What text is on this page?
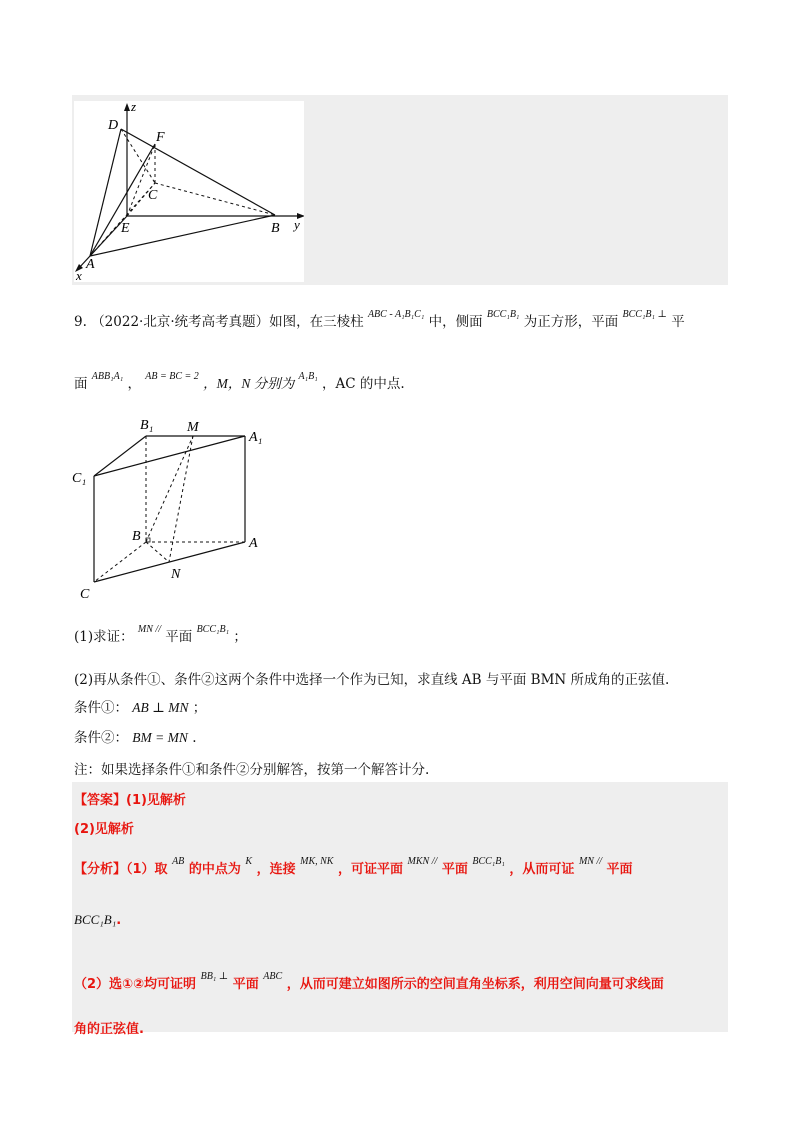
z
D
F
C
E	B y
A
x
9. （2022·北京·统考高考真题）如图，在三棱柱 $^{ABC - A_1B_1C_1}$ 中，侧面 $^{BCC_1B_1}$ 为正方形，平面 $^{BCC_1B_1 \perp}$ 平
面 $^{ABB_1A_1}$ ， $^{AB = BC = 2}$ ，M，N 分别为 $^{A_1B_1}$ ，AC 的中点.
B₁ M
A₁
C₁
B	A
N
C
(1)求证： $^{MN //}$ 平面 $^{BCC_1B_1}$ ；
(2)再从条件①、条件②这两个条件中选择一个作为已知，求直线 AB 与平面 BMN 所成角的正弦值.
条件①： AB ⊥ MN ；
条件②： BM = MN .
注：如果选择条件①和条件②分别解答，按第一个解答计分.
【答案】(1)见解析
(2)见解析
【分析】（1）取 $^{AB}$ 的中点为 $^K$ ，连接 $^{MK, NK}$ ，可证平面 $^{MKN //}$ 平面 $^{BCC_1B_1}$ ，从而可证 $^{MN //}$ 平面
BCC₁B₁.
（2）选①②均可证明 $^{BB_1 \perp}$ 平面 $^{ABC}$ ，从而可建立如图所示的空间直角坐标系，利用空间向量可求线面
角的正弦值.
